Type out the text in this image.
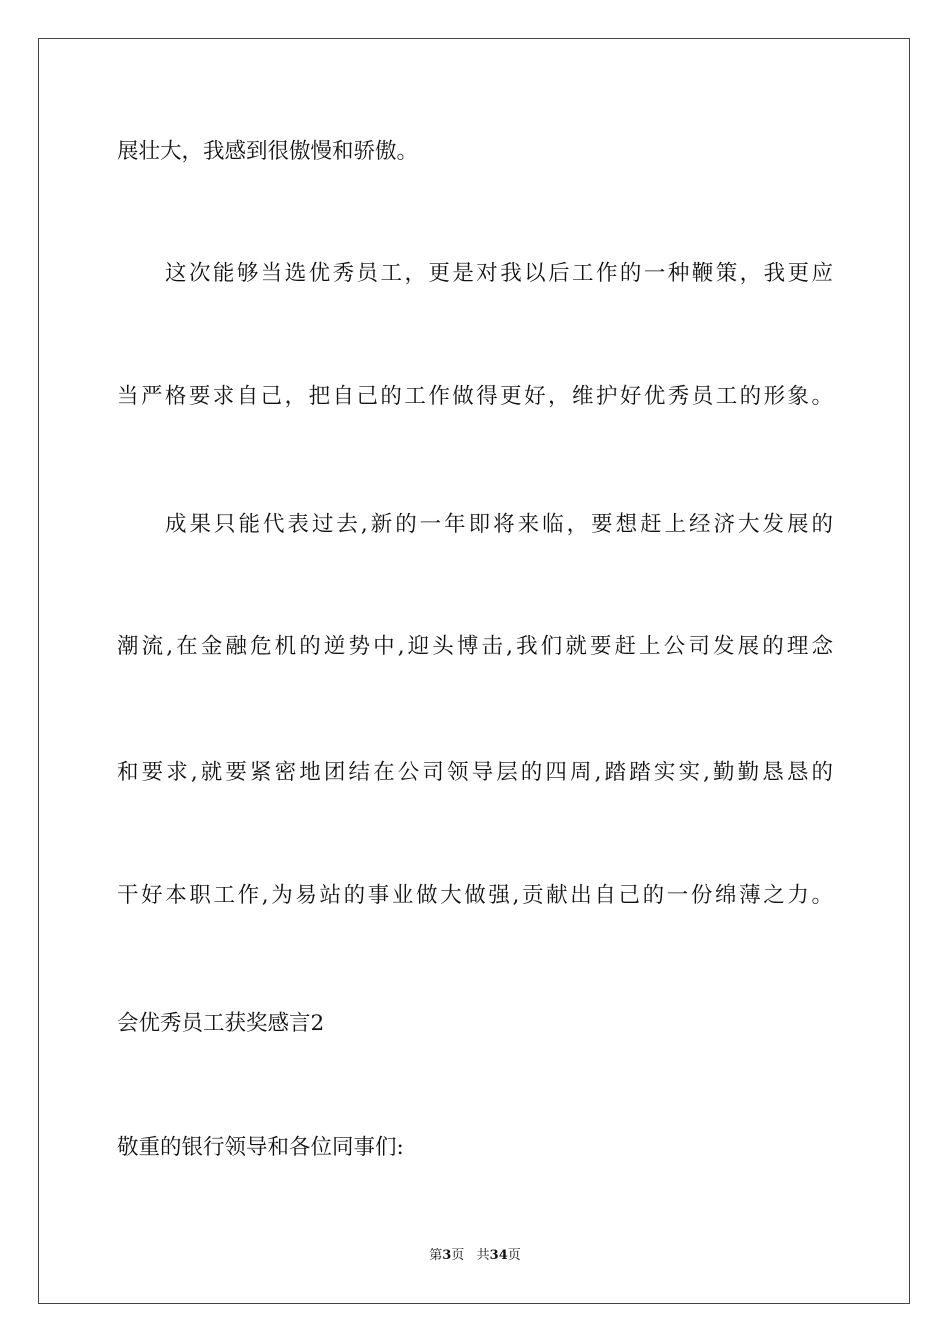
展壮大，我感到很傲慢和骄傲。
这次能够当选优秀员工，更是对我以后工作的一种鞭策，我更应
当严格要求自己，把自己的工作做得更好，维护好优秀员工的形象。
成果只能代表过去,新的一年即将来临，要想赶上经济大发展的
潮流,在金融危机的逆势中,迎头博击,我们就要赶上公司发展的理念
和要求,就要紧密地团结在公司领导层的四周,踏踏实实,勤勤恳恳的
干好本职工作,为易站的事业做大做强,贡献出自己的一份绵薄之力。
会优秀员工获奖感言2
敬重的银行领导和各位同事们:
第3页   共34页
